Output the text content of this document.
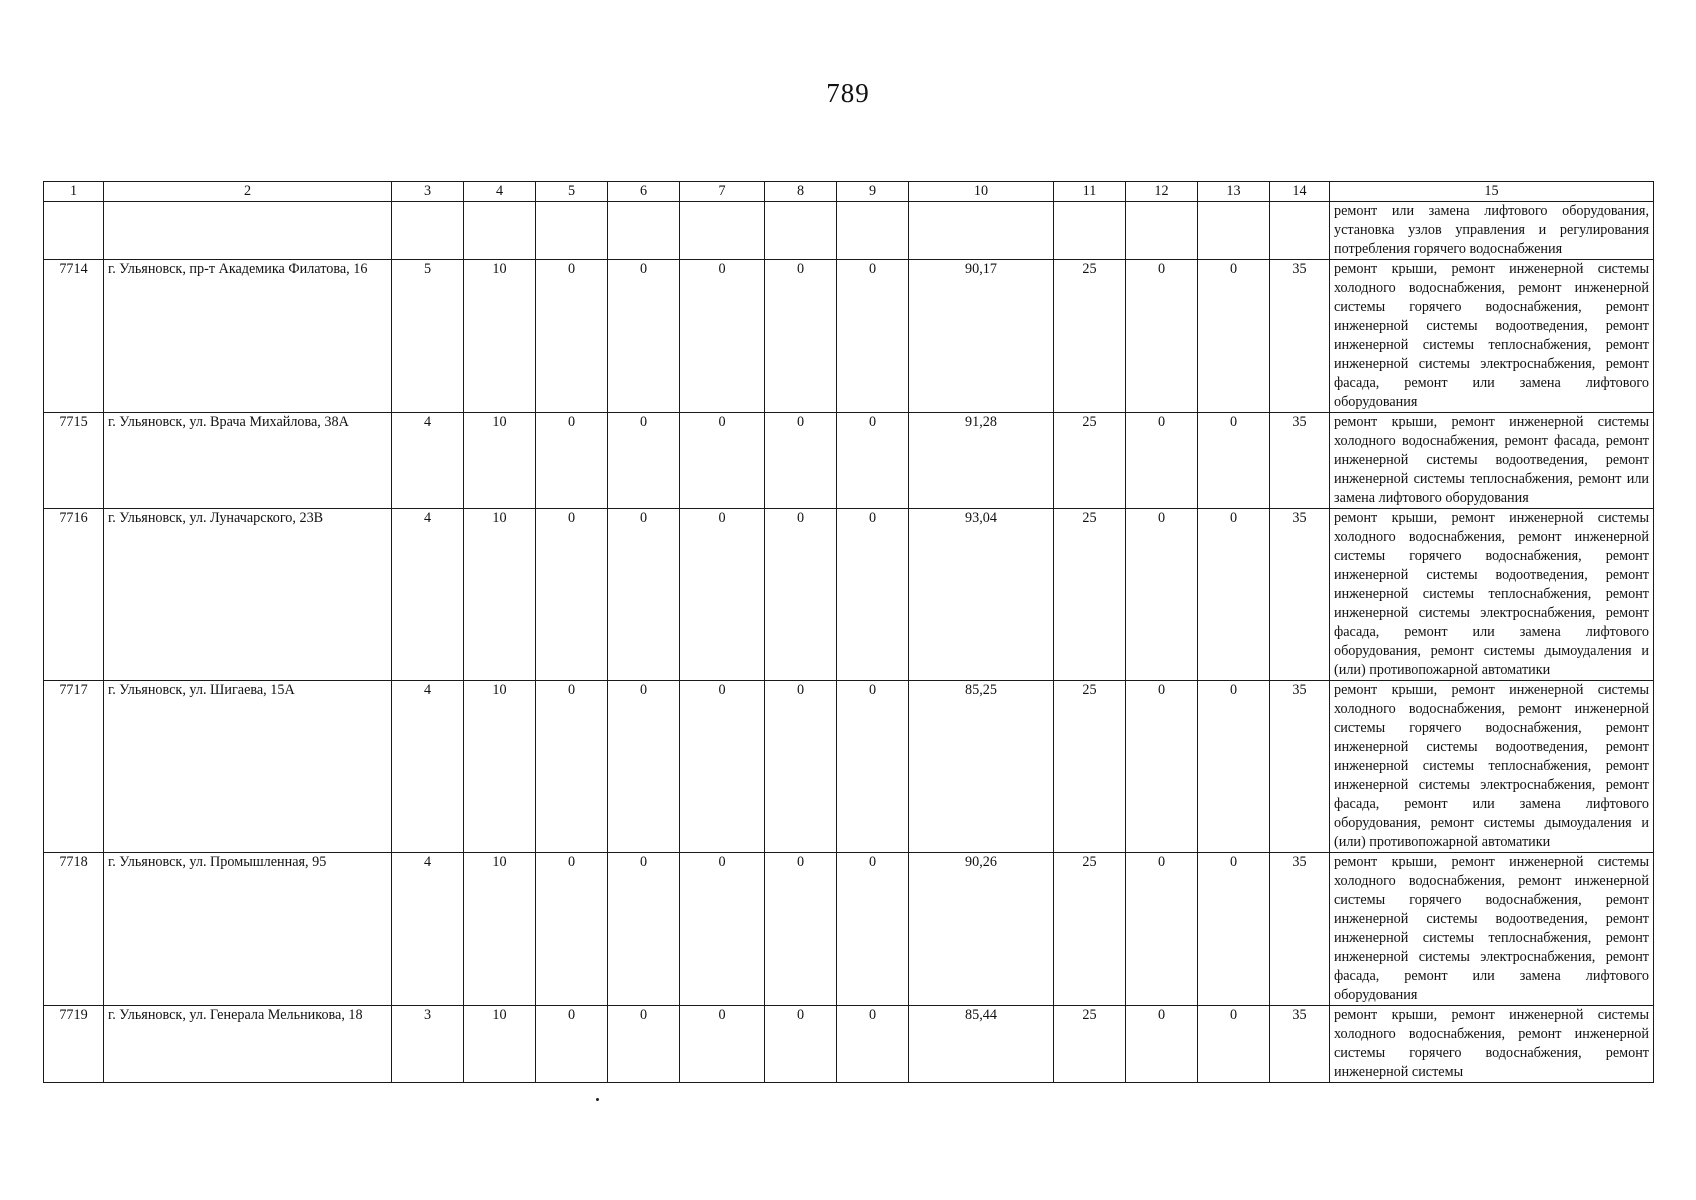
789
1	2	3	4	5	6	7	8	9	10	11	12	13	14	15
														ремонт или замена лифтового оборудования, установка узлов управления и регулирования потребления горячего водоснабжения
7714	г. Ульяновск, пр-т Академика Филатова, 16	5	10	0	0	0	0	0	90,17	25	0	0	35	ремонт крыши, ремонт инженерной системы холодного водоснабжения, ремонт инженерной системы горячего водоснабжения, ремонт инженерной системы водоотведения, ремонт инженерной системы теплоснабжения, ремонт инженерной системы электроснабжения, ремонт фасада, ремонт или замена лифтового оборудования
7715	г. Ульяновск, ул. Врача Михайлова, 38А	4	10	0	0	0	0	0	91,28	25	0	0	35	ремонт крыши, ремонт инженерной системы холодного водоснабжения, ремонт фасада, ремонт инженерной системы водоотведения, ремонт инженерной системы теплоснабжения, ремонт или замена лифтового оборудования
7716	г. Ульяновск, ул. Луначарского, 23В	4	10	0	0	0	0	0	93,04	25	0	0	35	ремонт крыши, ремонт инженерной системы холодного водоснабжения, ремонт инженерной системы горячего водоснабжения, ремонт инженерной системы водоотведения, ремонт инженерной системы теплоснабжения, ремонт инженерной системы электроснабжения, ремонт фасада, ремонт или замена лифтового оборудования, ремонт системы дымоудаления и (или) противопожарной автоматики
7717	г. Ульяновск, ул. Шигаева, 15А	4	10	0	0	0	0	0	85,25	25	0	0	35	ремонт крыши, ремонт инженерной системы холодного водоснабжения, ремонт инженерной системы горячего водоснабжения, ремонт инженерной системы водоотведения, ремонт инженерной системы теплоснабжения, ремонт инженерной системы электроснабжения, ремонт фасада, ремонт или замена лифтового оборудования, ремонт системы дымоудаления и (или) противопожарной автоматики
7718	г. Ульяновск, ул. Промышленная, 95	4	10	0	0	0	0	0	90,26	25	0	0	35	ремонт крыши, ремонт инженерной системы холодного водоснабжения, ремонт инженерной системы горячего водоснабжения, ремонт инженерной системы водоотведения, ремонт инженерной системы теплоснабжения, ремонт инженерной системы электроснабжения, ремонт фасада, ремонт или замена лифтового оборудования
7719	г. Ульяновск, ул. Генерала Мельникова, 18	3	10	0	0	0	0	0	85,44	25	0	0	35	ремонт крыши, ремонт инженерной системы холодного водоснабжения, ремонт инженерной системы горячего водоснабжения, ремонт инженерной системы
